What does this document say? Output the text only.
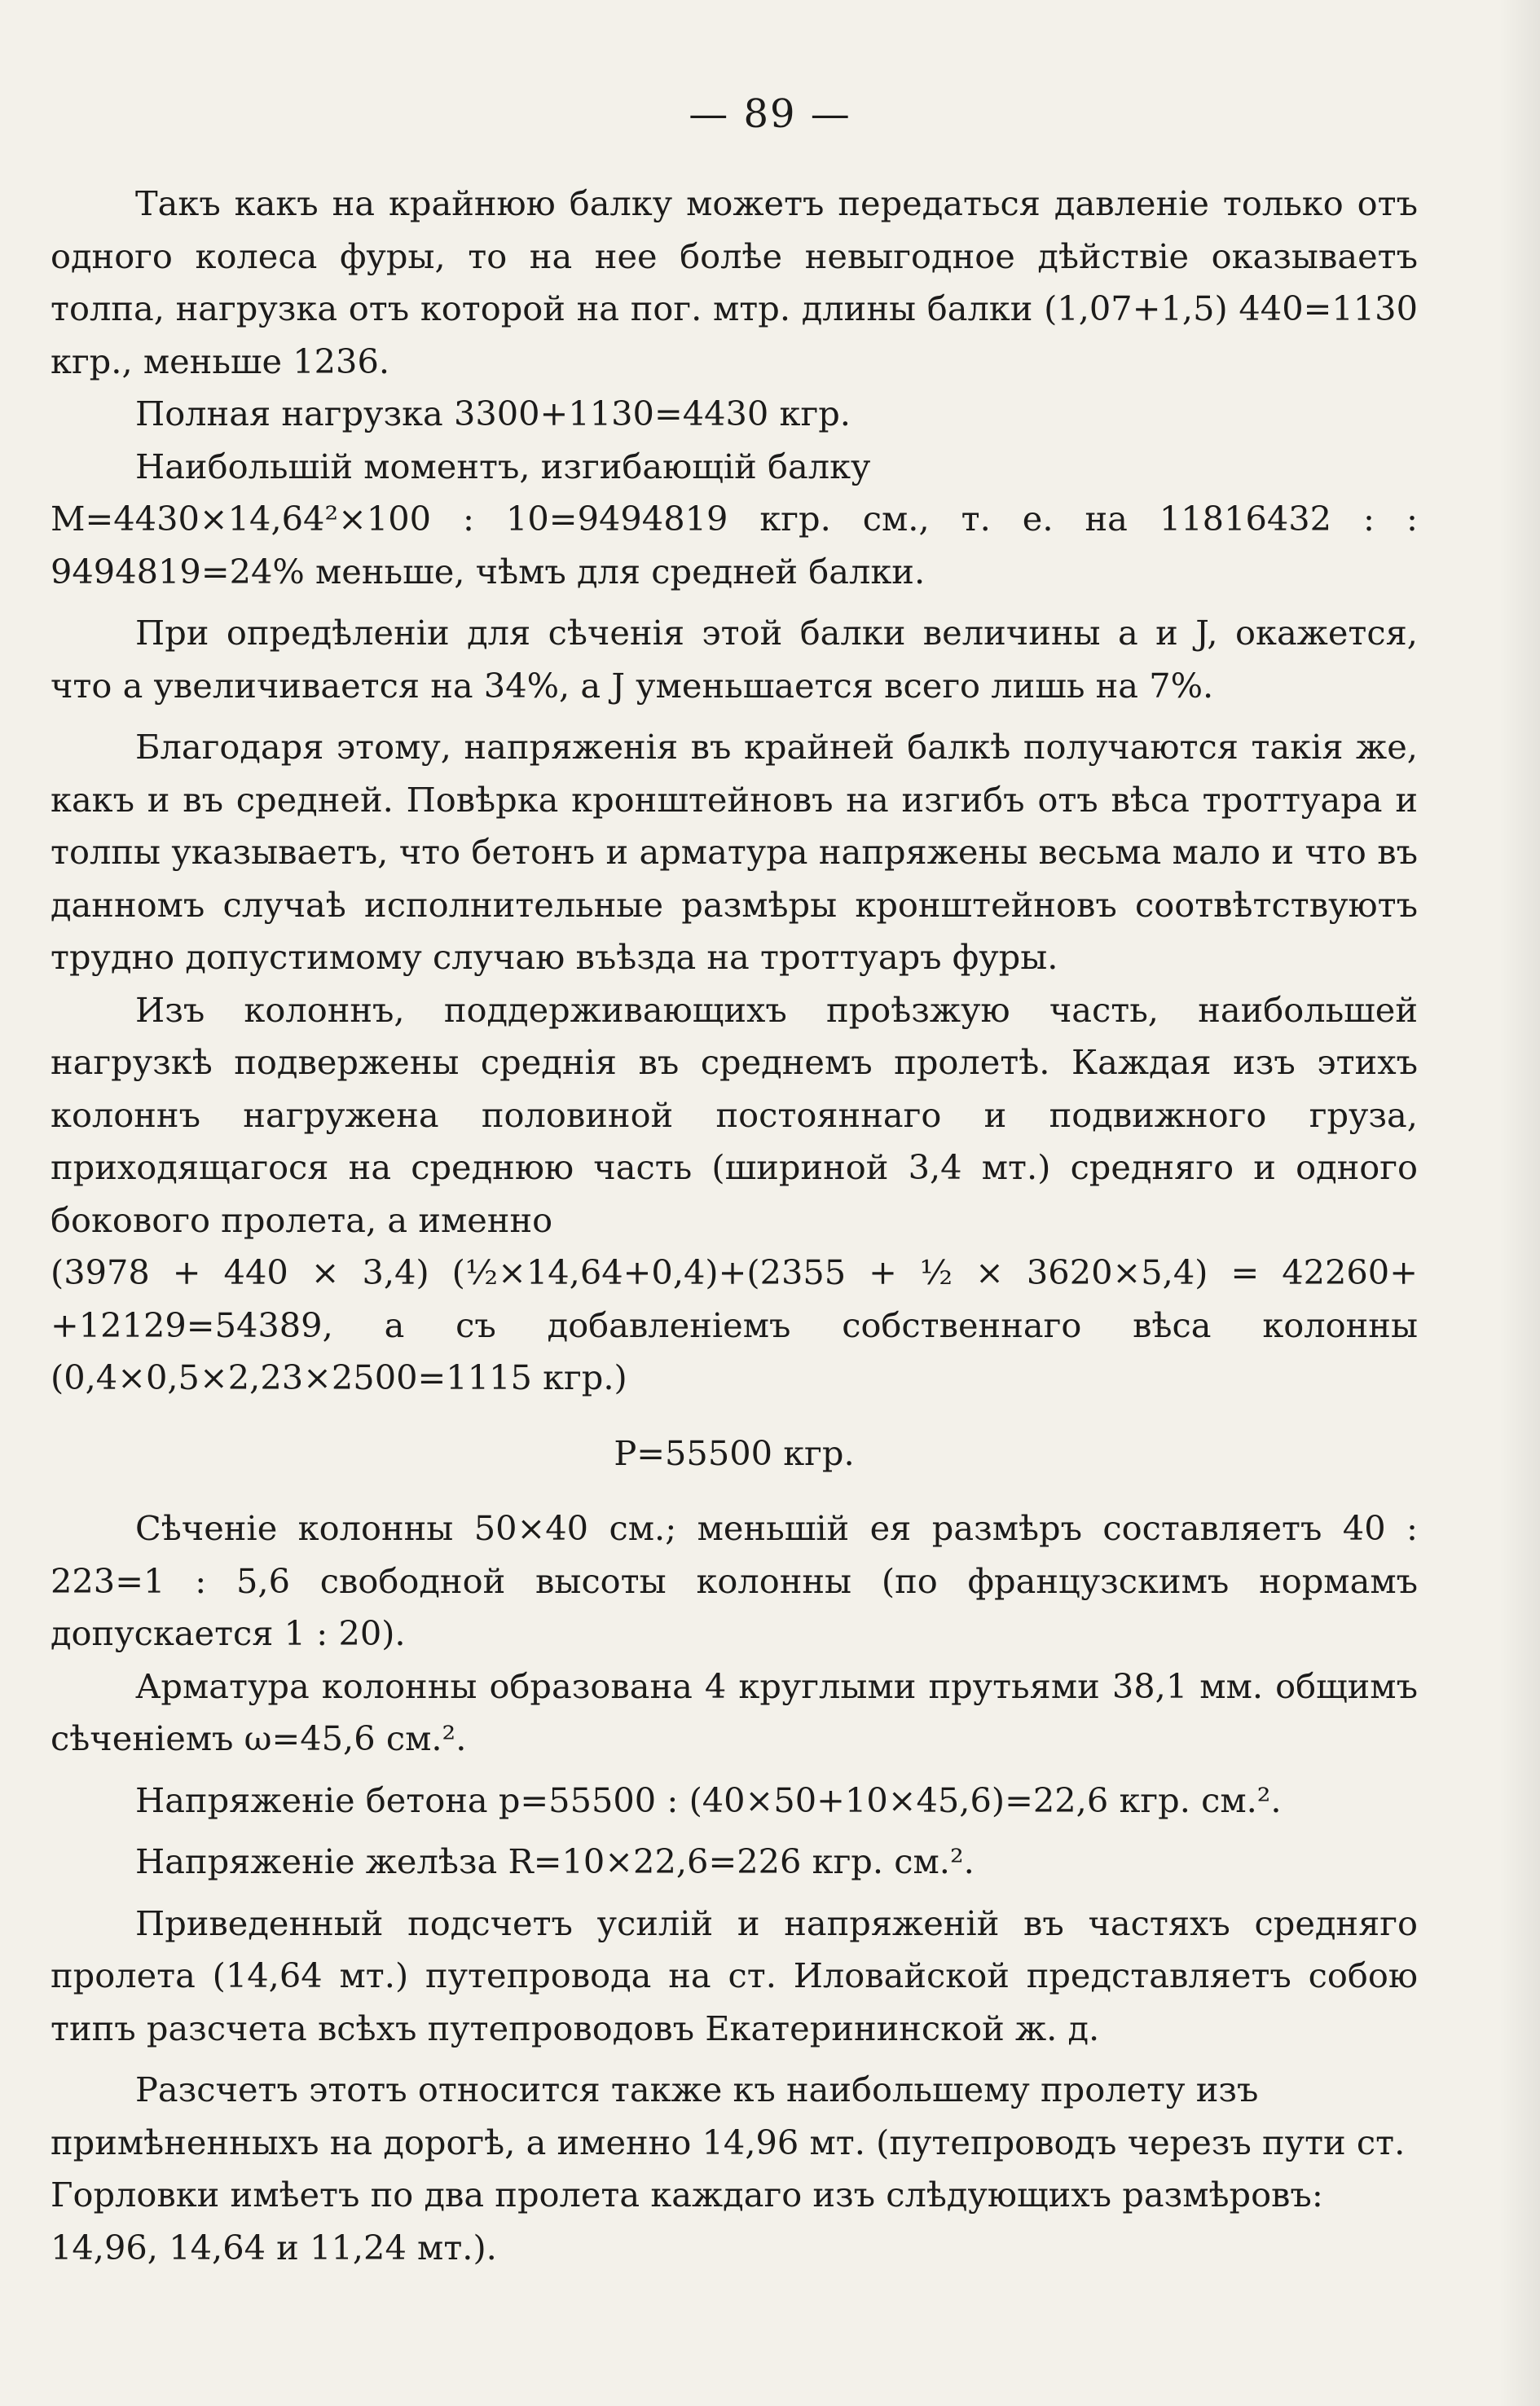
— 89 —

Такъ какъ на крайнюю балку можетъ передаться давленіе только отъ одного колеса фуры, то на нее болѣе невыгодное дѣйствіе оказываетъ толпа, нагрузка отъ которой на пог. мтр. длины балки (1,07+1,5) 440=1130 кгр., меньше 1236.

Полная нагрузка 3300+1130=4430 кгр.

Наибольшій моментъ, изгибающій балку

M=4430×14,64²×100 : 10=9494819 кгр. см., т. е. на 11816432 : : 9494819=24% меньше, чѣмъ для средней балки.

При опредѣленіи для сѣченія этой балки величины a и J, окажется, что a увеличивается на 34%, a J уменьшается всего лишь на 7%.

Благодаря этому, напряженія въ крайней балкѣ получаются такія же, какъ и въ средней. Повѣрка кронштейновъ на изгибъ отъ вѣса троттуара и толпы указываетъ, что бетонъ и арматура напряжены весьма мало и что въ данномъ случаѣ исполнительные размѣры кронштейновъ соотвѣтствуютъ трудно допустимому случаю въѣзда на троттуаръ фуры.

Изъ колоннъ, поддерживающихъ проѣзжую часть, наибольшей нагрузкѣ подвержены среднія въ среднемъ пролетѣ. Каждая изъ этихъ колоннъ нагружена половиной постояннаго и подвижного груза, приходящагося на среднюю часть (шириной 3,4 мт.) средняго и одного бокового пролета, а именно

(3978 + 440 × 3,4) (½×14,64+0,4)+(2355 + ½ × 3620×5,4) = 42260+ +12129=54389, а съ добавленіемъ собственнаго вѣса колонны (0,4×0,5×2,23×2500=1115 кгр.)

P=55500 кгр.

Сѣченіе колонны 50×40 см.; меньшій ея размѣръ составляетъ 40 : 223=1 : 5,6 свободной высоты колонны (по французскимъ нормамъ допускается 1 : 20).

Арматура колонны образована 4 круглыми прутьями 38,1 мм. общимъ сѣченіемъ ω=45,6 см.².

Напряженіе бетона p=55500 : (40×50+10×45,6)=22,6 кгр. см.².

Напряженіе желѣза R=10×22,6=226 кгр. см.².

Приведенный подсчетъ усилій и напряженій въ частяхъ средняго пролета (14,64 мт.) путепровода на ст. Иловайской представляетъ собою типъ разсчета всѣхъ путепроводовъ Екатерининской ж. д.

Разсчетъ этотъ относится также къ наибольшему пролету изъ примѣненныхъ на дорогѣ, а именно 14,96 мт. (путепроводъ черезъ пути ст. Горловки имѣетъ по два пролета каждаго изъ слѣдующихъ размѣровъ: 14,96, 14,64 и 11,24 мт.).
